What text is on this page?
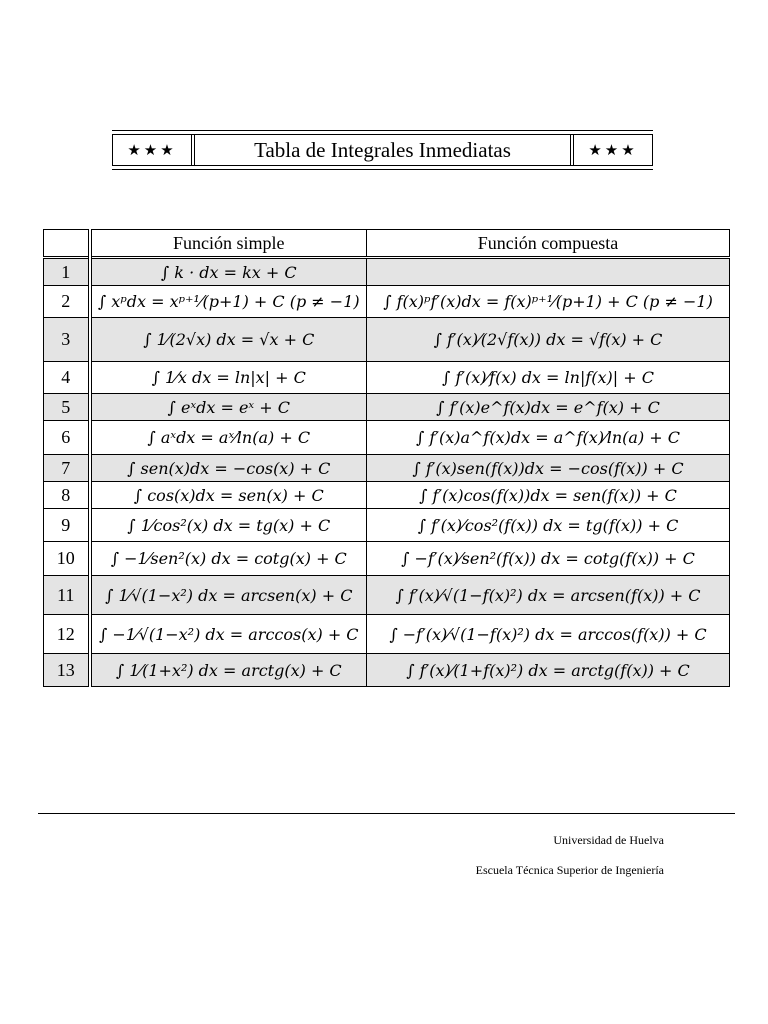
★★★	Tabla de Integrales Inmediatas	★★★
	Función simple	Función compuesta
1	∫ k · dx = kx + C	
2	∫ xᵖdx = xᵖ⁺¹⁄(p+1) + C (p ≠ −1)	∫ f(x)ᵖf′(x)dx = f(x)ᵖ⁺¹⁄(p+1) + C (p ≠ −1)
3	∫ 1⁄(2√x) dx = √x + C	∫ f′(x)⁄(2√f(x)) dx = √f(x) + C
4	∫ 1⁄x dx = ln|x| + C	∫ f′(x)⁄f(x) dx = ln|f(x)| + C
5	∫ eˣdx = eˣ + C	∫ f′(x)e^f(x)dx = e^f(x) + C
6	∫ aˣdx = aˣ⁄ln(a) + C	∫ f′(x)a^f(x)dx = a^f(x)⁄ln(a) + C
7	∫ sen(x)dx = −cos(x) + C	∫ f′(x)sen(f(x))dx = −cos(f(x)) + C
8	∫ cos(x)dx = sen(x) + C	∫ f′(x)cos(f(x))dx = sen(f(x)) + C
9	∫ 1⁄cos²(x) dx = tg(x) + C	∫ f′(x)⁄cos²(f(x)) dx = tg(f(x)) + C
10	∫ −1⁄sen²(x) dx = cotg(x) + C	∫ −f′(x)⁄sen²(f(x)) dx = cotg(f(x)) + C
11	∫ 1⁄√(1−x²) dx = arcsen(x) + C	∫ f′(x)⁄√(1−f(x)²) dx = arcsen(f(x)) + C
12	∫ −1⁄√(1−x²) dx = arccos(x) + C	∫ −f′(x)⁄√(1−f(x)²) dx = arccos(f(x)) + C
13	∫ 1⁄(1+x²) dx = arctg(x) + C	∫ f′(x)⁄(1+f(x)²) dx = arctg(f(x)) + C
Universidad de Huelva
Escuela Técnica Superior de Ingeniería
